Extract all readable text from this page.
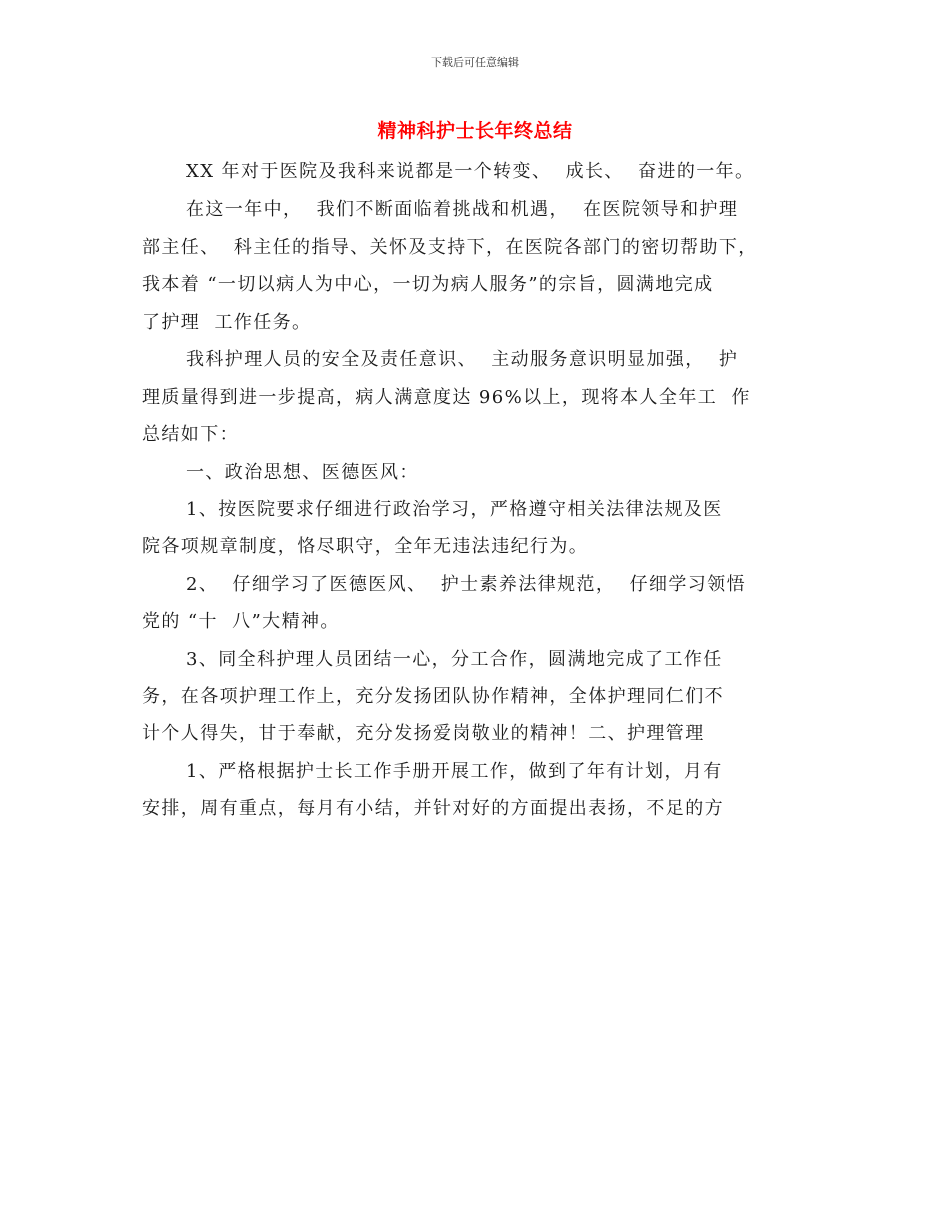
下载后可任意编辑
精神科护士长年终总结
XX 年对于医院及我科来说都是一个转变、  成长、  奋进的一年。
在这一年中，  我们不断面临着挑战和机遇，  在医院领导和护理
部主任、  科主任的指导、关怀及支持下，在医院各部门的密切帮助下，
我本着 “一切以病人为中心，一切为病人服务”的宗旨，圆满地完成
了护理  工作任务。
我科护理人员的安全及责任意识、  主动服务意识明显加强，  护
理质量得到进一步提高，病人满意度达 96%以上，现将本人全年工  作
总结如下：
一、政治思想、医德医风：
1、按医院要求仔细进行政治学习，严格遵守相关法律法规及医
院各项规章制度，恪尽职守，全年无违法违纪行为。
2、  仔细学习了医德医风、  护士素养法律规范，  仔细学习领悟
党的 “十  八”大精神。
3、同全科护理人员团结一心，分工合作，圆满地完成了工作任
务，在各项护理工作上，充分发扬团队协作精神，全体护理同仁们不
计个人得失，甘于奉献，充分发扬爱岗敬业的精神！二、护理管理
1、严格根据护士长工作手册开展工作，做到了年有计划，月有
安排，周有重点，每月有小结，并针对好的方面提出表扬，不足的方
